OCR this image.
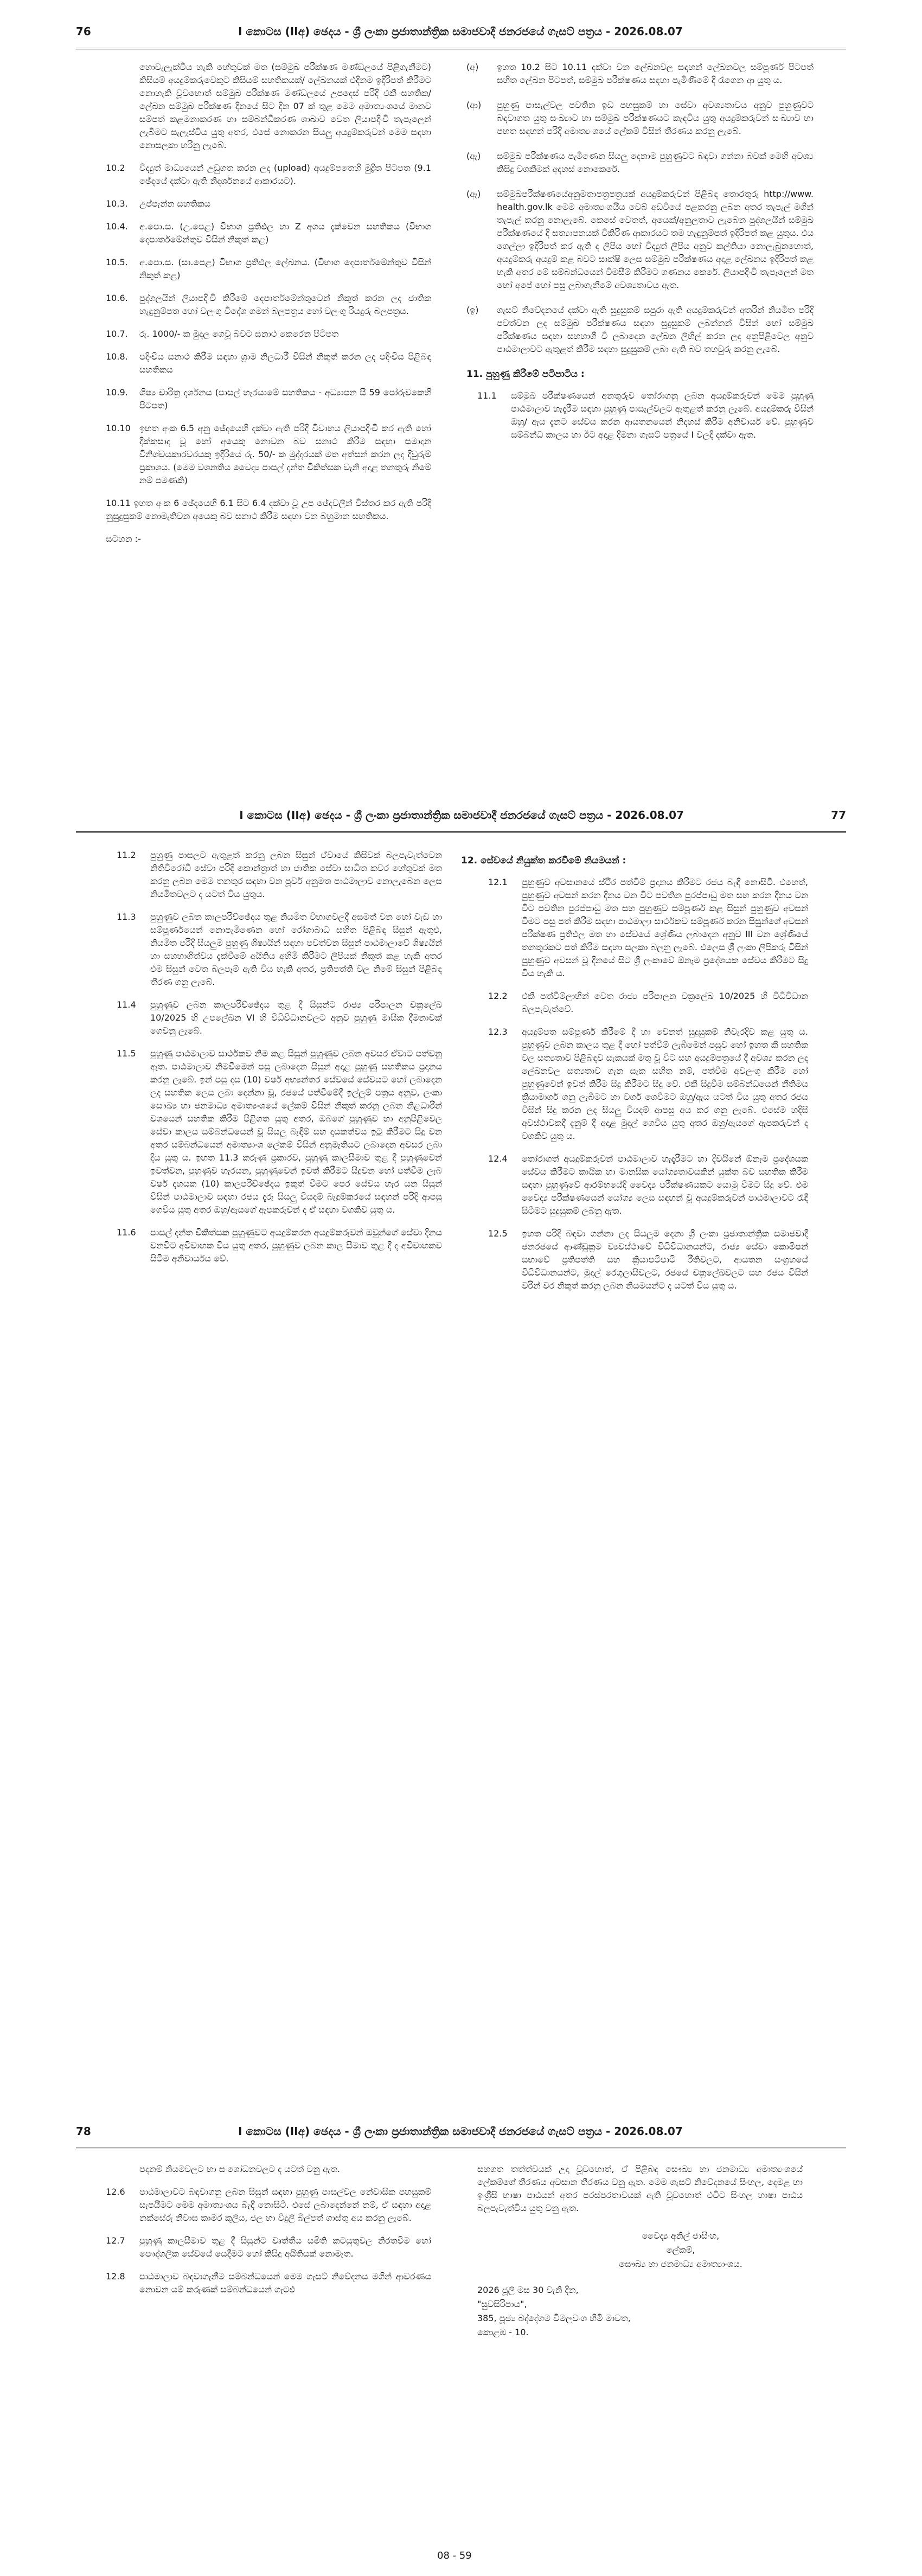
76	I කොටස (IIඅ) ඡෙදය - ශ්‍රී ලංකා ප්‍රජාතාන්ත්‍රික සමාජවාදී ජනරජයේ ගැසට් පත්‍රය - 2026.08.07
හොවැලැක්වීය හැකි හේතුවක් මත (සම්මුඛ පරීක්ෂණ මණ්ඩලයේ පිළිගැනීමට) කිසියම් අයදුම්කරුවෙකුට කිසියම් සහතිකයක්/ ලේඛනයක් එදිනම ඉදිරිපත් කිරීමට නොහැකි වූවහොත් සම්මුඛ පරීක්ෂණ මණ්ඩලයේ උපදෙස් පරිදි එකී සහතික/ ලේඛන සම්මුඛ පරීක්ෂණ දිනයේ සිට දින 07 ක් තුළ මෙම අමාත්‍යංශයේ මානව සම්පත් කළමනාකරණ හා සම්බන්ධීකරණ ශාඛාව වෙත ලියාපදිංචි තැපෑලෙන් ලැබීමට සැලැස්විය යුතු අතර, එසේ නොකරන සියලු අයදුම්කරුවන් මෙම සඳහා නොසලකා හරිනු ලැබේ.
10.2	විද්‍යුත් මාධ්‍යයෙන් උඩුගත කරන ලද (upload) අයදුම්පතෙහි මුද්‍රිත පිටපත (9.1 ඡේදයේ දක්වා ඇති නිදර්ශනයේ ආකාරයට).
10.3.	උප්පැන්න සහතිකය
10.4.	අ.පො.ස. (උ.පෙළ) විභාග ප්‍රතිඵල හා Z අගය දැක්වෙන සහතිකය (විභාග දෙපාර්තමේන්තුව විසින් නිකුත් කළ)
10.5.	අ.පො.ස. (සා.පෙළ) විභාග ප්‍රතිඵල ලේඛනය. (විභාග දෙපාර්තමේන්තුව විසින් නිකුත් කළ)
10.6.	පුද්ගලයින් ලියාපදිංචි කිරීමේ දෙපාර්තමේන්තුවෙන් නිකුත් කරන ලද ජාතික හැඳුනුම්පත හෝ වලංගු විදේශ ගමන් බලපත්‍රය හෝ වලංගු රියදුරු බලපත්‍රය.
10.7.	රු. 1000/- ක මුදල ගෙවූ බවට සනාථ කෙරෙන පිටිපත
10.8.	පදිංචිය සනාථ කිරීම සඳහා ග්‍රාම නිලධාරී විසින් නිකුත් කරන ලද පදිංචිය පිළිබඳ සහතිකය
10.9.	ශිෂ්‍ය චාරිත්‍ර දර්ශනය (පාසල් හැරයාමේ සහතිකය - අධ්‍යාපන සී 59 පෝරුවකෙහි පිටපත)
10.10	ඉහත අංක 6.5 අනු ඡේදයෙහි දක්වා ඇති පරිදි විවාහය ලියාපදිංචි කර ඇති හෝ දික්කසාද වූ හෝ අයෙකු නොවන බව සනාථ කිරීම සඳහා සමාදාන විනිශ්චයකාරවරයකු ඉදිරියේ රු. 50/- ක මුද්දරයක් මත අත්සන් කරන ලද දිවුරුම් ප්‍රකාශය. (මෙම වශනතිය වෛද්‍ය පාසල් දන්ත චිකිත්සක වැනි අදාළ තනතුරු නිමේ නම් පමණකි)
10.11 ඉහත අංක 6 ඡේදයෙහි 6.1 සිට 6.4 දක්වා වූ උප ඡේදවලින් විස්තර කර ඇති පරිදි නුසුදුසුකම් නොමැතිවන අයෙකු බව සනාථ කිරීම සඳහා වන බහුමාන සහතිකය.
සටහන :-
(අ)	ඉහත 10.2 සිට 10.11 දක්වා වන ලේඛනවල සඳහන් ලේඛනවල සම්පූර්ණ පිටපත් සහිත ලේඛන පිටපත්, සම්මුඛ පරීක්ෂණය සඳහා පැමිණීමේ දී රැගෙන ආ යුතු ය.
(ආ)	පුහුණු පාසැල්වල පවතින ඉඩ පහසුකම් හා සේවා අවශ්‍යතාවය අනුව පුහුණුවට බඳවාගත යුතු සංඛ්‍යාව හා සම්මුඛ පරීක්ෂණයට කැඳවිය යුතු අයදුම්කරුවන් සංඛ්‍යාව හා පහත සඳහන් පරිදි අමාත්‍යංශයේ ලේකම් විසින් තීරණය කරනු ලැබේ.
(ඇ)	සම්මුඛ පරීක්ෂණය පැමිණෙන සියලු දෙනාම පුහුණුවට බඳවා ගන්නා බවක් මෙහි අවශ්‍ය කිසිදු වගකීමක් අදහස් නොකෙරේ.
(ඈ)	සම්මුඛපරීක්ෂණයේඅනුමතාපත්‍රපත්‍රයක් අයදුම්කරුවන් පිළිබඳ තොරතුරු http://www. health.gov.lk මෙම අමාත්‍යංශයීය වෙබ් අඩවියේ පළකරනු ලබන අතර තැපැල් මගින් තැපැල් කරනු නොලැබේ. කෙසේ වෙතත්, අයෙක්/අනුලතාව ලැබෙන පුද්ගලයින් සම්මුඛ පරීක්ෂණයේ දී සත්‍යාපනයක් විකිරිණ ආකාරයට තම හැඳුනුම්පත් ඉදිරිපත් කළ යුතුය. එය ගෙල්ලා ඉදිරිපත් කර ඇති ද ලිපිය හෝ විද්‍යුත් ලිපිය අනුව කල්තියා නොලැබුනහොත්, අයදුම්කරු අයදුම් කළ බවට සාක්ෂි ලෙස සම්මුඛ පරීක්ෂණය අදාළ ලේඛනය ඉදිරිපත් කළ හැකි අතර මේ සම්බන්ධයෙන් විමසීම් කිරීමට ගණනය කෙරේ. ලියාපදිංචි තැපෑලෙන් මත හෝ අපේ හෝ පසු ලබාගැනීමේ අවශ්‍යතාවය ඇත.
(ඉ)	ගැසට් නිවේදනයේ දක්වා ඇති සුදුසුකම් සපුරා ඇති අයදුම්කරුවන් අතරින් නියමිත පරිදි පවත්වන ලද සම්මුඛ පරීක්ෂණය සඳහා සුදුසුකම් ලබන්නන් විසින් හෝ සම්මුඛ පරීක්ෂණය සඳහා සහභාගී වී ලබාදෙන ලේඛන ලිහිල් කරන ලද අනුපිළිවෙල අනුව පාඨමාලාවට ඇතුළත් කිරීම සඳහා සුදුසුකම් ලබා ඇති බව තහවුරු කරනු ලැබේ.
11. පුහුණු කිරීමේ පටිපාටිය :
11.1	සම්මුඛ පරීක්ෂණයෙන් අනතුරුව තෝරාගනු ලබන අයදුම්කරුවන් මෙම පුහුණු පාඨමාලාව හැදෑරීම සඳහා පුහුණු පාසැල්වලට ඇතුළත් කරනු ලැබේ. අයදුම්කරු විසින් ඔහු/ ඇය දැනට සේවය කරන ආයතනයෙන් නිදහස් කිරීම අනිවාර්ය වේ. පුහුණුව සම්බන්ධ කාලය හා ඊට අදාළ දීමනා ගැසට් පත්‍රයේ I වලදී දක්වා ඇත.
I කොටස (IIඅ) ඡෙදය - ශ්‍රී ලංකා ප්‍රජාතාන්ත්‍රික සමාජවාදී ජනරජයේ ගැසට් පත්‍රය - 2026.08.07	77
11.2	පුහුණු පාසලට ඇතුළත් කරනු ලබන සිසුන් ඒවායේ කිසිවක් බලපැවැත්වෙන නිතිවිරෝධී සේවා පරිදි කොන්ත්‍රාත් හා ජාතික සේවා සාධිත කවර හේතුවක් මත කරනු ලබන මෙම තනතුර සඳහා වන පූර්ව අනුමත පාඨමාලාව නොලැබෙන ලෙස නියමිතවලට ද යටත් විය යුතුය.
11.3	පුහුණුව ලබන කාලපරිච්ඡේදය තුළ නියමිත විභාගවලදී අසමත් වන හෝ වැඩ හා සම්පූර්ණයෙන් නොපැමිණෙන හෝ රෝගාබාධ සහිත පිළිබඳ සිසුන් ඇතුළු, නියමිත පරිදි සියලුම පුහුණු ශිෂ්‍යයින් සඳහා පවත්වන සිසුන් පාඨමාලාවේ ශිෂ්‍යයින් හා සහභාගිත්වය දැක්වීමේ අයිතිය අහිමි කිරීමට ලිපියක් නිකුත් කළ හැකි අතර එම සිසුන් වෙත බලපෑම් ඇති විය හැකි අතර, ප්‍රතිපත්ති වල නිමේ සිසුන් පිළිබඳ තීරණ ගනු ලැබේ.
11.4	පුහුණුව ලබන කාලපරිච්ඡේදය තුළ දී සිසුන්ට රාජ්‍ය පරිපාලන චක්‍රලේඛ 10/2025 හි උපලේඛන VI හි විධිවිධානවලට අනුව පුහුණු මාසික දීමනාවක් ගෙවනු ලැබේ.
11.5	පුහුණු පාඨමාලාව සාර්ථකව නිම කළ සිසුන් පුහුණුව ලබන අවසර ඒවාට පත්වනු ඇත. පාඨමාලාව නිමවීමෙන් පසු ලබාදෙන සිසුන් අදාළ පුහුණු සහතිකය ප්‍රදානය කරනු ලැබේ. ඉන් පසු දස (10) වර්ෂ අභ්‍යන්තර සේවයේ සේවයට හෝ ලබාදෙන ලද සහතික ලෙස ලබා දෙන්නා වූ, රජයේ පත්වීමේදී ඉල්ලුම් පත්‍රය අනුව, ලංකා සෞඛ්‍ය හා ජනමාධ්‍ය අමාත්‍යංශයේ ලේකම් විසින් නිකුත් කරනු ලබන නිළධාරීන් වශයෙන් සහතික කිරීම පිළිගත යුතු අතර, ඔබගේ පුහුණුව හා අනුපිළිවෙල සේවා කාලය සම්බන්ධයෙන් වූ සියලු බැඳීම් සහ දායකත්වය ඉටු කිරීමට සිදු වන අතර සම්බන්ධයෙන් අමාත්‍යාංශ ලේකම් විසින් අනුමැතියට ලබාදෙන අවසර ලබා දිය යුතු ය. ඉහත 11.3 කරුණු ප්‍රකාරව, පුහුණු කාලසීමාව තුළ දී පුහුණුවෙන් ඉවත්වන, පුහුණුව හැරයන, පුහුණුවෙන් ඉවත් කිරීමට සිදුවන හෝ පත්වීම ලැබ වර්ෂ දහයක (10) කාලපරිච්ඡේදය ඉකුත් වීමට පෙර සේවය හැර යන සිසුන් විසින් පාඨමාලාව සඳහා රජය දැරූ සියලු වියදම් බැඳුම්කරයේ සඳහන් පරිදි ආපසු ගෙවිය යුතු අතර ඔහු/ඇයගේ ඇපකරුවන් ද ඒ සඳහා වගකිව යුතු ය.
11.6	පාසල් දන්ත චිකිත්සක පුහුණුවට අයදුම්කරන අයදුම්කරුවන් ඔවුන්ගේ සේවා දිනය වනවිට අවිවාහක විය යුතු අතර, පුහුණුව ලබන කාල සීමාව තුළ දී ද අවිවාහකව සිටීම අනිවාර්යය වේ.
12. සේවයේ නියුක්ත කරවීමේ නියමයන් :
12.1	පුහුණුව අවසානයේ ස්ථිර පත්වීම් ප්‍රදානය කිරීමට රජය බැඳී නොසිටී. එහෙත්, පුහුණුව අවසන් කරන දිනය වන විට පවතින පුරප්පාඩු මත සහ කරන දිනය වන විට පවතින පුරප්පාඩු මත සහ පුහුණුව සම්පූර්ණ කළ සිසුන් පුහුණුව අවසන් වීමට පසු පත් කිරීම සඳහා පාඨමාලා සාර්ථකව සම්පූර්ණ කරන සිසුන්ගේ අවසන් පරීක්ෂණ ප්‍රතිඵල මත හා සේවයේ ශ්‍රේණිය ලබාදෙන අනුව III වන ශ්‍රේණියේ තනතුරකට පත් කිරීම සඳහා සලකා බලනු ලැබේ. එලෙස ශ්‍රී ලංකා ලිපිකරු විසින් පුහුණුව අවසන් වූ දිනයේ සිට ශ්‍රී ලංකාවේ ඕනෑම ප්‍රදේශයක සේවය කිරීමට සිදු විය හැකි ය.
12.2	එකී පත්වීම්ලාභීන් වෙත රාජ්‍ය පරිපාලන චක්‍රලේඛ 10/2025 හි විධිවිධාන බලපැවැත්වේ.
12.3	අයදුම්පත සම්පූර්ණ කිරීමේ දී හා වෙනත් සුදුසුකම් නිවැරදිව කළ යුතු ය. පුහුණුව ලබන කාලය තුළ දී හෝ පත්වීම් ලැබීමෙන් පසුව හෝ ඉහත කී සහතික වල සත්‍යතාව පිළිබඳව සැකයක් මතු වූ විට සහ අයදුම්පත්‍රයේ දී අවශ්‍ය කරන ලද ලේඛනවල සත්‍යතාව ගැන සැක සහිත නම්, පත්වීම අවලංගු කිරීම හෝ පුහුණුවෙන් ඉවත් කිරීම සිදු කිරීමට සිදු වේ. එකී සිදුවීම සම්බන්ධයෙන් නීතිමය ක්‍රියාමාර්ග ගනු ලැබීමට හා වර්ග ගෙවීමට ඔහු/ඇය යටත් විය යුතු අතර රජය විසින් සිදු කරන ලද සියලු වියදම් ආපසු අය කර ගනු ලැබේ. එසේම හදිසි අවස්ථාවකදී දැනුම් දී අදාළ මුදල් ගෙවිය යුතු අතර ඔහු/ඇයගේ ඇපකරුවන් ද වගකිව යුතු ය.
12.4	තෝරාගත් අයදුම්කරුවන් පාඨමාලාව හැදෑරීමට හා දිවයිනේ ඕනෑම ප්‍රදේශයක සේවය කිරීමට කායික හා මානසික යෝග්‍යතාවයකින් යුක්ත බව සහතික කිරීම සඳහා පුහුණුවේ ආරම්භයේදී වෛද්‍ය පරීක්ෂණයකට යොමු වීමට සිදු වේ. එම වෛද්‍ය පරීක්ෂණයෙන් යෝග්‍ය ලෙස සඳහන් වූ අයදුම්කරුවන් පාඨමාලාවට රැඳී සිටීමට සුදුසුකම් ලබනු ඇත.
12.5	ඉහත පරිදි බඳවා ගන්නා ලද සියලුම දෙනා ශ්‍රී ලංකා ප්‍රජාතාන්ත්‍රික සමාජවාදී ජනරජයේ ආණ්ඩුක්‍රම ව්‍යවස්ථාවේ විධිවිධානයන්ට, රාජ්‍ය සේවා කොමිෂන් සභාවේ ප්‍රතිපත්ති සහ ක්‍රියාපටිපාටි රීතිවලට, ආයතන සංග්‍රහයේ විධිවිධානයන්ට, මුදල් රෙගුලාසිවලට, රජයේ චක්‍රලේඛවලට සහ රජය විසින් වරින් වර නිකුත් කරනු ලබන නියමයන්ට ද යටත් විය යුතු ය.
78	I කොටස (IIඅ) ඡෙදය - ශ්‍රී ලංකා ප්‍රජාතාන්ත්‍රික සමාජවාදී ජනරජයේ ගැසට් පත්‍රය - 2026.08.07
පදනම් නියමවලට හා සංශෝධනවලට ද යටත් වනු ඇත.
12.6	පාඨමාලාවට බඳවාගනු ලබන සිසුන් සඳහා පුහුණු පාසල්වල නේවාසික පහසුකම් සැපයීමට මෙම අමාත්‍යංශය බැඳී නොසිටී. එසේ ලබාදෙන්නේ නම්, ඒ සඳහා අදාළ නක්සේරු නිවාස කාමර කුලිය, ජල හා විදුලි බිල්පත් ගාස්තු අය කරනු ලැබේ.
12.7	පුහුණු කාලසීමාව තුළ දී සිසුන්ට වෘත්තීය සමිති කටයුතුවල නිරතවීම හෝ පෞද්ගලික සේවයේ යෙදීමට හෝ කිසිදු අයිතියක් නොමැත.
12.8	පාඨමාලාව බඳවාගැනීම සම්බන්ධයෙන් මෙම ගැසට් නිවේදනය මගින් ආවරණය නොවන යම් කරුණක් සම්බන්ධයෙන් ගැටළු
සහගත තත්ත්වයක් උදා වූවහොත්, ඒ පිළිබඳ සෞඛ්‍ය හා ජනමාධ්‍ය අමාත්‍යංශයේ ලේකම්ගේ තීරණය අවසාන තීරණය වනු ඇත. මෙම ගැසට් නිවේදනයේ සිංහල, දෙමළ හා ඉංග්‍රීසි භාෂා පාඨයන් අතර පරස්පරතාවයක් ඇති වූවහොත් එවිට සිංහල භාෂා පාඨය බලපැවැත්විය යුතු වනු ඇත.
වෛද්‍ය අනිල් ජාසිංහ,
ලේකම්,
සෞඛ්‍ය හා ජනමාධ්‍ය අමාත්‍යාංශය.
2026 ජූලි මස 30 වැනි දින,
"සුවසිරිපාය",
385, පූජ්‍ය බද්දේගම විමලවංශ හිමි මාවත,
කොළඹ - 10.
08 - 59
